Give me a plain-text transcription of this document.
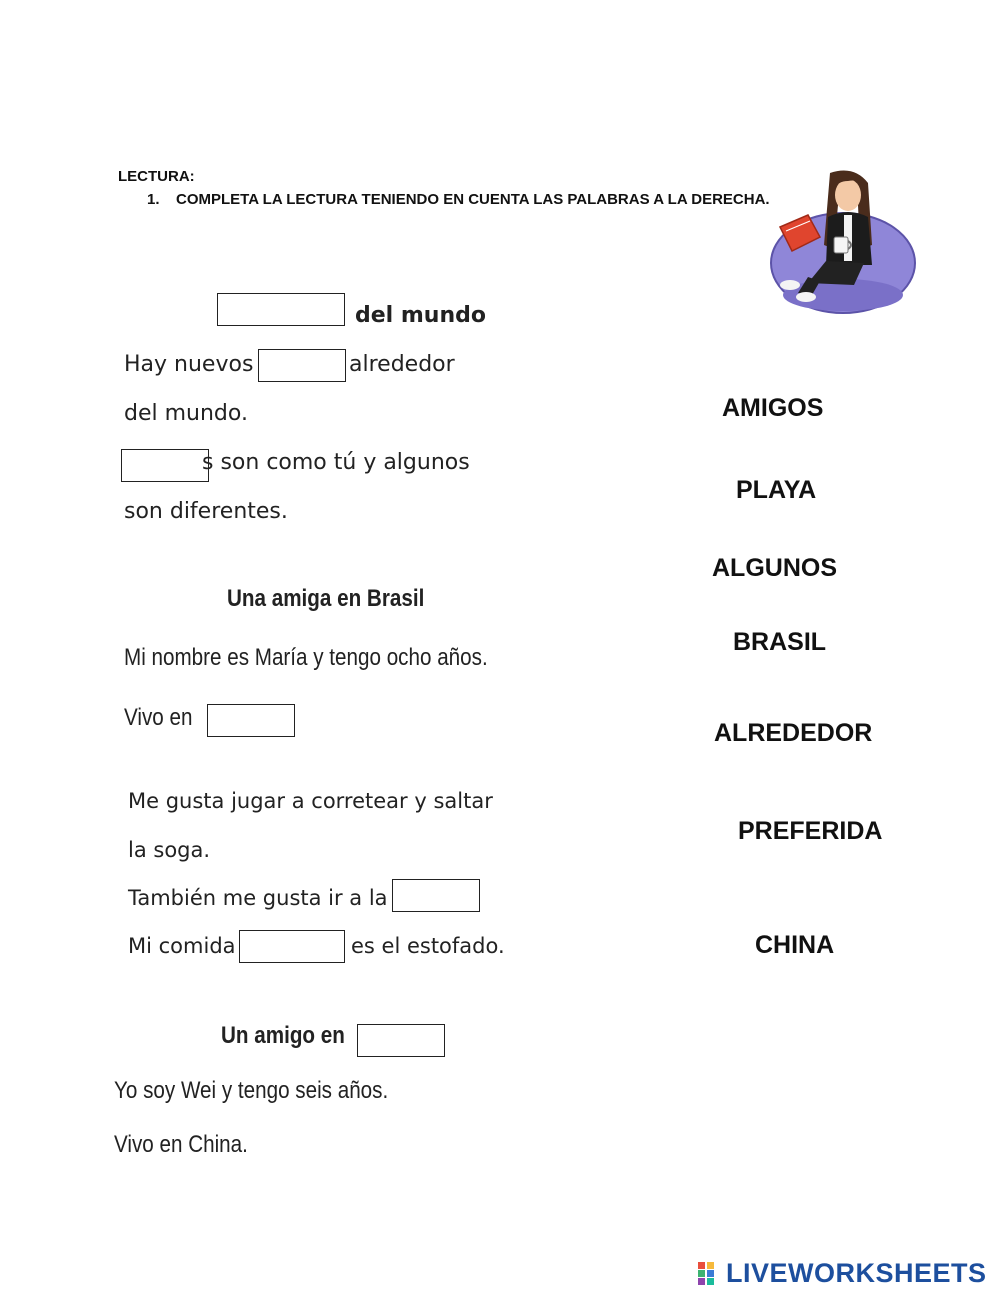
LECTURA:
1. COMPLETA LA LECTURA TENIENDO EN CUENTA LAS PALABRAS A LA DERECHA.
del mundo
Hay nuevos	alrededor
del mundo.
s son como tú y algunos
son diferentes.
Una amiga en Brasil
Mi nombre es María y tengo ocho años.
Vivo en
Me gusta jugar a corretear y saltar
la soga.
También me gusta ir a la
Mi comida	es el estofado.
Un amigo en
Yo soy Wei y tengo seis años.
Vivo en China.
AMIGOS
PLAYA
ALGUNOS
BRASIL
ALREDEDOR
PREFERIDA
CHINA
LIVEWORKSHEETS
